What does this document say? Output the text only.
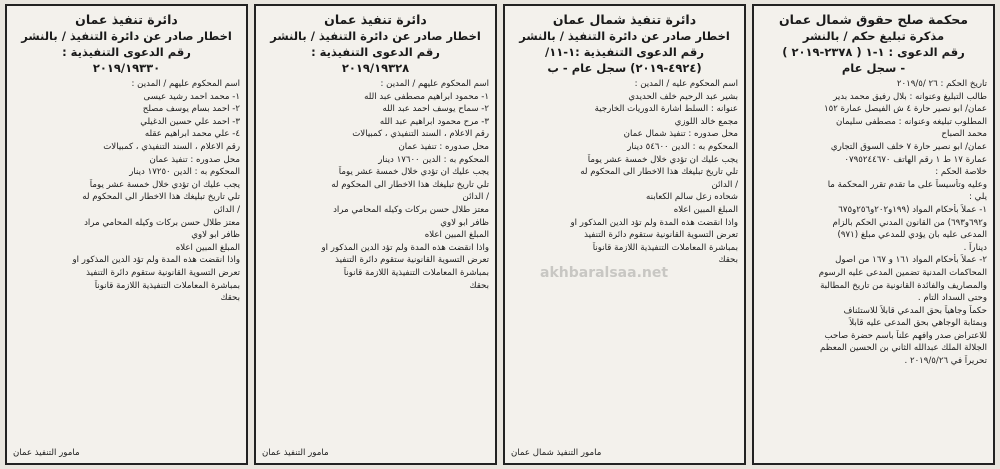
محكمة صلح حقوق شمال عمان
مذكرة تبليغ حكم / بالنشر
رقم الدعوى : ١-١ ( ٢٣٧٨-٢٠١٩ )
- سجل عام
تاريخ الحكم : ٢٦ /٢٠١٩/٥
طالب التبليغ وعنوانه : بلال رفيق محمد بدير
عمان/ ابو نصير حارة ٤ ش الفيصل عمارة ١٥٢
المطلوب تبليغه وعنوانه : مصطفى سليمان
محمد الصباح
عمان/ ابو نصير حارة ٧ خلف السوق التجاري
عمارة ١٧ ط ١ رقم الهاتف ٠٧٩٥٢٤٤٦٧٠
خلاصة الحكم :
وعليه وتأسيساً على ما تقدم تقرر المحكمة ما
يلي :
١- عملاً بأحكام المواد (١٩٩و٢٠٢و٢٥٦و٦٧٥
و٦٩٢و٦٩٣) من القانون المدني الحكم بالزام
المدعى عليه بان يؤدي للمدعي مبلغ (٩٧١)
ديناراً .
٢- عملاً بأحكام المواد ١٦١ و ١٦٧ من اصول
المحاكمات المدنية تضمين المدعى عليه الرسوم
والمصاريف والفائدة القانونية من تاريخ المطالبة
وحتى السداد التام .
حكماً وجاهياً بحق المدعي قابلاً للاستئناف
وبمثابة الوجاهي بحق المدعى عليه قابلاً
للاعتراض صدر وافهم علناً باسم حضرة صاحب
الجلالة الملك عبدالله الثاني بن الحسين المعظم
تحريراً في ٢٠١٩/٥/٢٦ .
دائرة تنفيذ شمال عمان
اخطار صادر عن دائرة التنفيذ / بالنشر
رقم الدعوى التنفيذية :١-١١/
(٤٩٢٤-٢٠١٩) سجل عام - ب
اسم المحكوم عليه / المدين :
بشير عبد الرحيم خلف الحديدي
عنوانه : السلط اشارة الدوريات الخارجية
مجمع خالد اللوزي
محل صدوره : تنفيذ شمال عمان
المحكوم به : الدين ٥٤٦٠٠ دينار
يجب عليك ان تؤدي خلال خمسة عشر يوماً
تلي تاريخ تبليغك هذا الاخطار الى المحكوم له
/ الدائن
شحاده زعل سالم الكعابنه
المبلغ المبين اعلاه
واذا انقضت هذه المدة ولم تؤد الدين المذكور او
تعرض التسوية القانونية ستقوم دائرة التنفيذ
بمباشرة المعاملات التنفيذية اللازمة قانوناً
بحقك
مامور التنفيذ شمال عمان
دائرة تنفيذ عمان
اخطار صادر عن دائرة التنفيذ / بالنشر
رقم الدعوى التنفيذية :
٢٠١٩/١٩٣٢٨
اسم المحكوم عليهم / المدين :
١- محمود ابراهيم مصطفى عبد الله
٢- سماح يوسف احمد عبد الله
٣- مرح محمود ابراهيم عبد الله
رقم الاعلام ، السند التنفيذي ، كمبيالات
محل صدوره : تنفيذ عمان
المحكوم به : الدين ١٧٦٠٠ دينار
يجب عليك ان تؤدي خلال خمسة عشر يوماً
تلي تاريخ تبليغك هذا الاخطار الى المحكوم له
/ الدائن
معتز طلال حسن بركات وكيله المحامي مراد
ظافر ابو لاوي
المبلغ المبين اعلاه
واذا انقضت هذه المدة ولم تؤد الدين المذكور او
تعرض التسوية القانونية ستقوم دائرة التنفيذ
بمباشرة المعاملات التنفيذية اللازمة قانوناً
بحقك
مامور التنفيذ عمان
دائرة تنفيذ عمان
اخطار صادر عن دائرة التنفيذ / بالنشر
رقم الدعوى التنفيذية :
٢٠١٩/١٩٣٣٠
اسم المحكوم عليهم / المدين :
١- محمد احمد رشيد عيسى
٢- احمد بسام يوسف مصلح
٣- احمد علي حسين الدغيلي
٤- علي محمد ابراهيم عقله
رقم الاعلام ، السند التنفيذي ، كمبيالات
محل صدوره : تنفيذ عمان
المحكوم به : الدين ١٧٢٥٠ دينار
يجب عليك ان تؤدي خلال خمسة عشر يوماً
تلي تاريخ تبليغك هذا الاخطار الى المحكوم له
/ الدائن
معتز طلال حسن بركات وكيله المحامي مراد
ظافر ابو لاوي
المبلغ المبين اعلاه
واذا انقضت هذه المدة ولم تؤد الدين المذكور او
تعرض التسوية القانونية ستقوم دائرة التنفيذ
بمباشرة المعاملات التنفيذية اللازمة قانوناً
بحقك
مامور التنفيذ عمان
akhbaralsaa.net
